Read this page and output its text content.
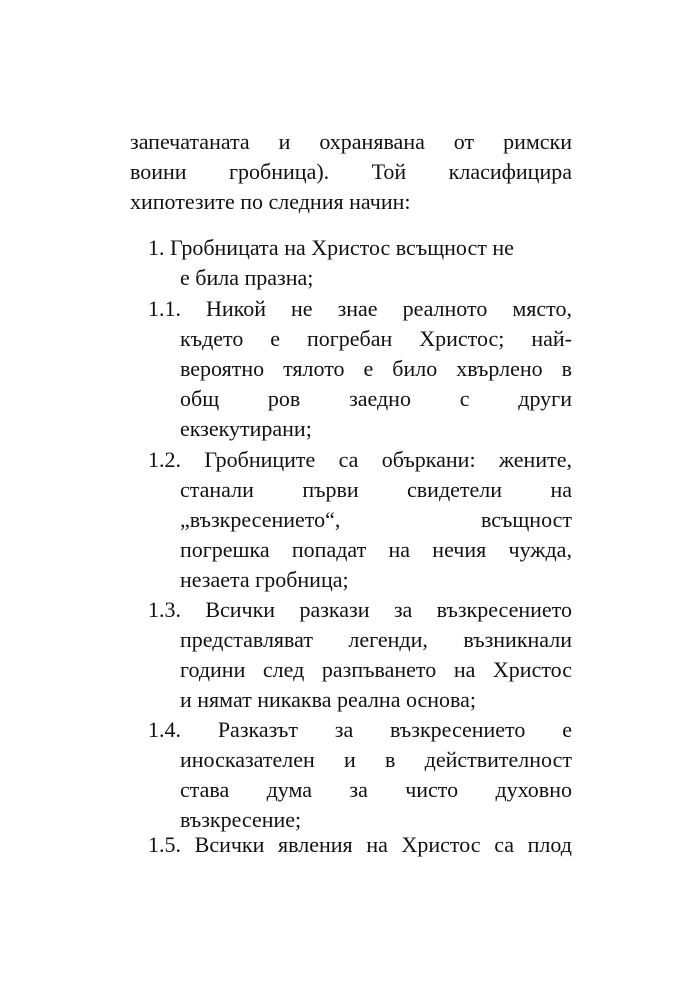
запечатаната и охранявана от римски
воини гробница). Той класифицира
хипотезите по следния начин:
1. Гробницата на Христос всъщност не
е била празна;
1.1. Никой не знае реалното място,
където е погребан Христос; най-
вероятно тялото е било хвърлено в
общ ров заедно с други
екзекутирани;
1.2. Гробниците са объркани: жените,
станали първи свидетели на
„възкресението“,	всъщност
погрешка попадат на нечия чужда,
незаета гробница;
1.3. Всички разкази за възкресението
представляват легенди, възникнали
години след разпъването на Христос
и нямат никаква реална основа;
1.4. Разказът за възкресението е
иносказателен и в действителност
става дума за чисто духовно
възкресение;
1.5. Всички явления на Христос са плод
